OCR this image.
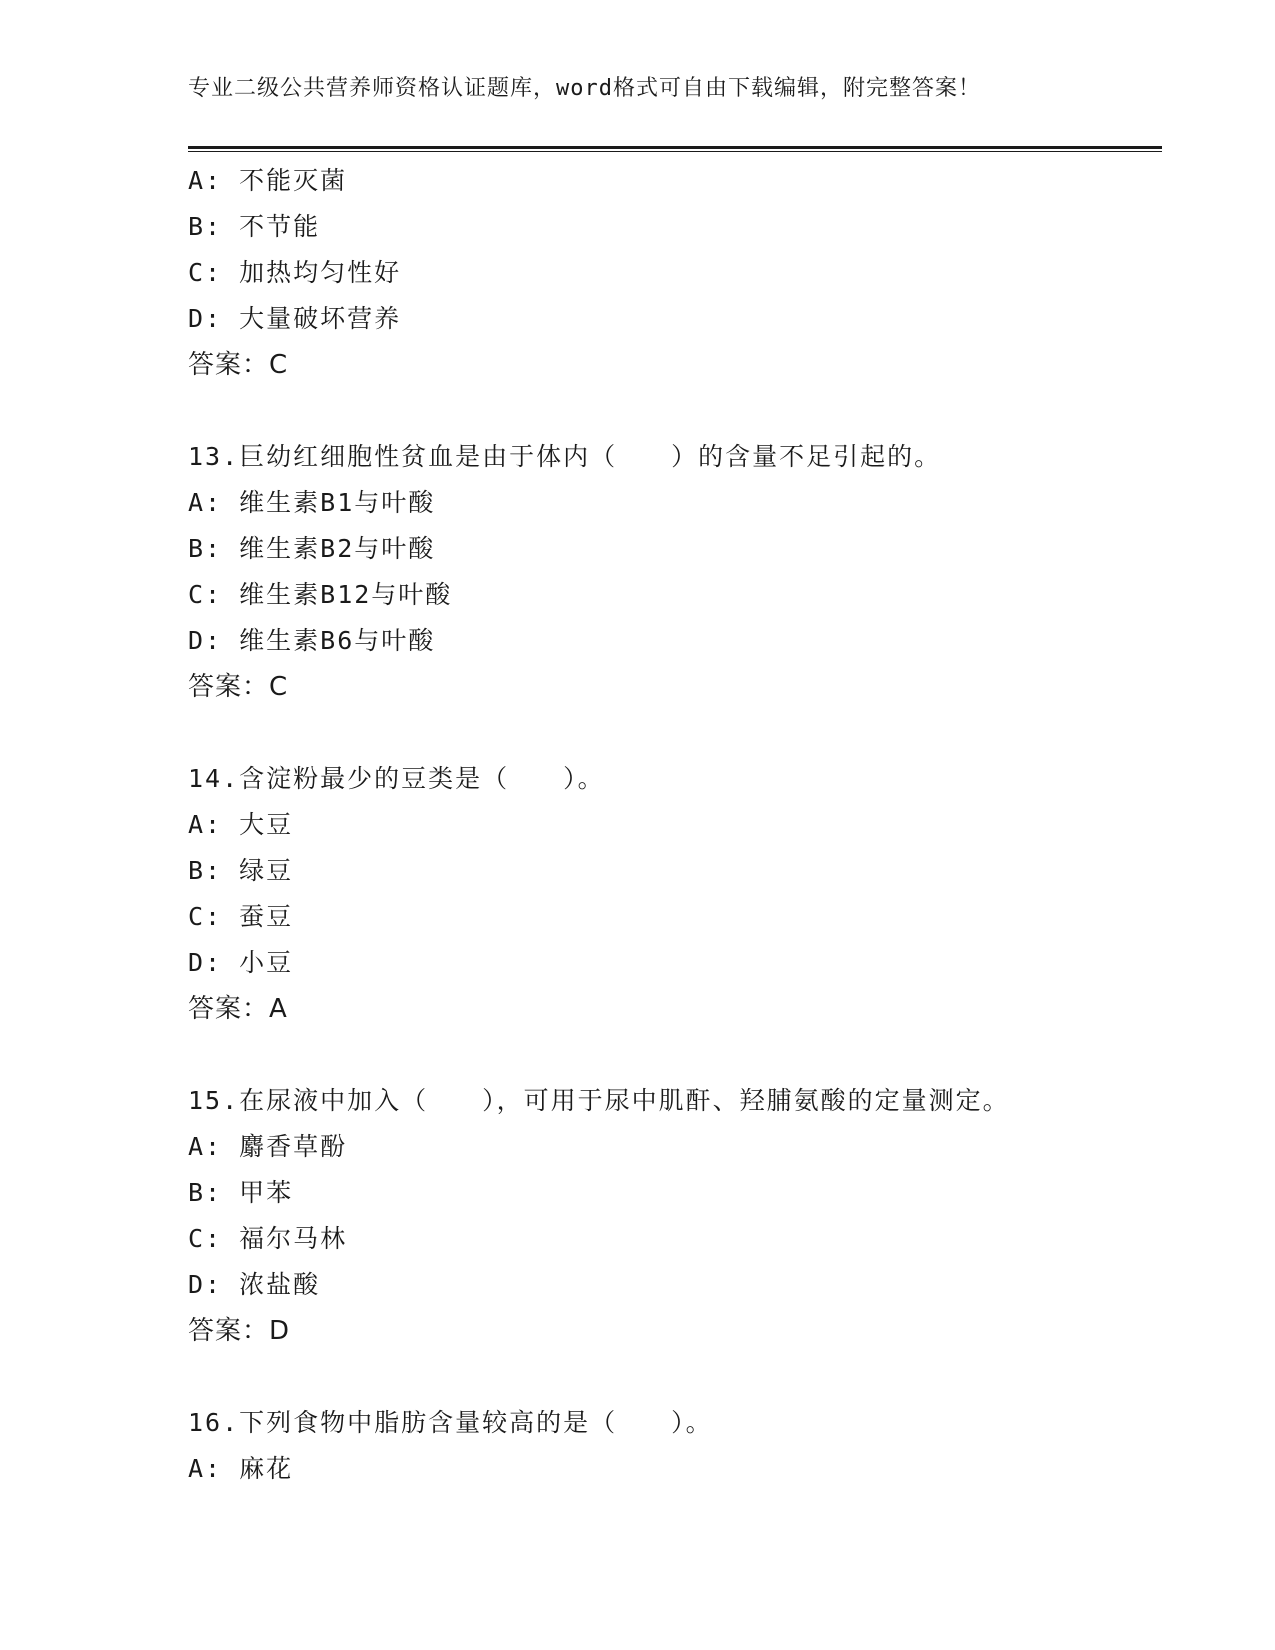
专业二级公共营养师资格认证题库，word格式可自由下载编辑，附完整答案！
A: 不能灭菌
B: 不节能
C: 加热均匀性好
D: 大量破坏营养
答案：C
13.巨幼红细胞性贫血是由于体内（　　）的含量不足引起的。
A: 维生素B1与叶酸
B: 维生素B2与叶酸
C: 维生素B12与叶酸
D: 维生素B6与叶酸
答案：C
14.含淀粉最少的豆类是（　　）。
A: 大豆
B: 绿豆
C: 蚕豆
D: 小豆
答案：A
15.在尿液中加入（　　），可用于尿中肌酐、羟脯氨酸的定量测定。
A: 麝香草酚
B: 甲苯
C: 福尔马林
D: 浓盐酸
答案：D
16.下列食物中脂肪含量较高的是（　　）。
A: 麻花
